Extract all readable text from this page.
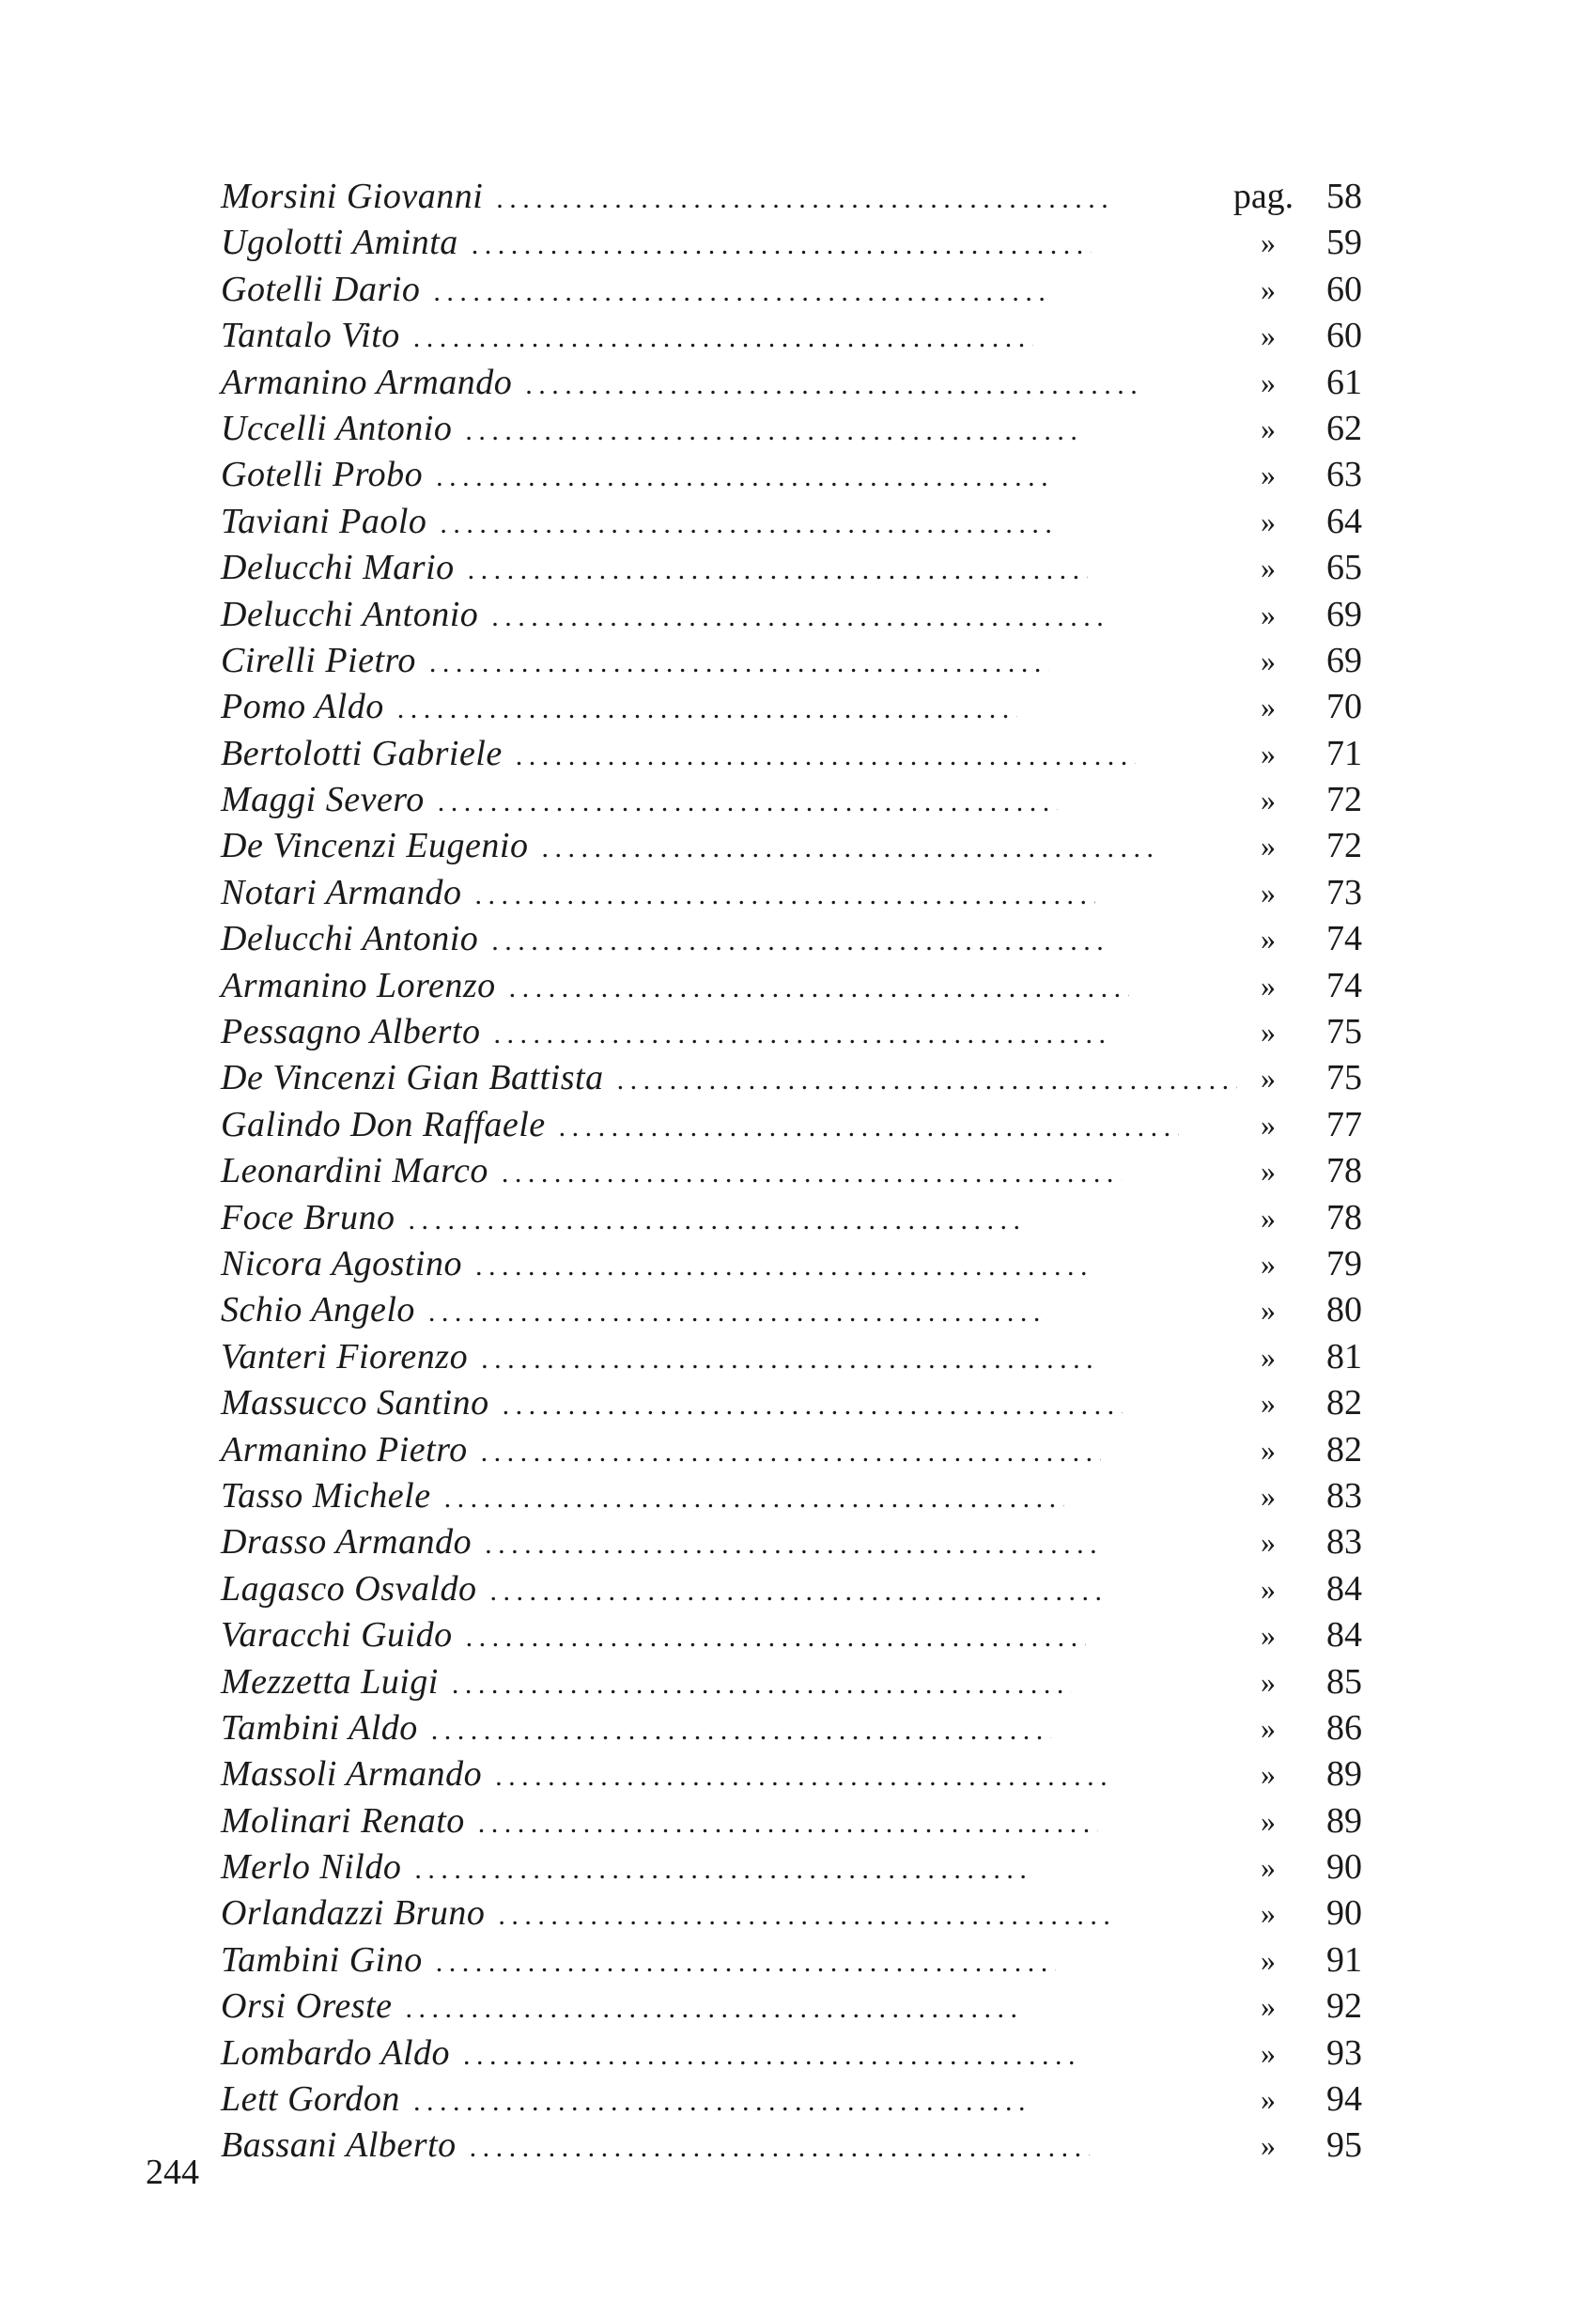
Morsini Giovanni . . .	pag. 58
Ugolotti Aminta . . .	»	59
Gotelli Dario . . .	»	60
Tantalo Vito . . .	»	60
Armanino Armando . . .	»	61
Uccelli Antonio . . .	»	62
Gotelli Probo . . .	»	63
Taviani Paolo . . .	»	64
Delucchi Mario . . .	»	65
Delucchi Antonio . . .	»	69
Cirelli Pietro . . .	»	69
Pomo Aldo . . .	»	70
Bertolotti Gabriele . . .	»	71
Maggi Severo . . .	»	72
De Vincenzi Eugenio . . .	»	72
Notari Armando . . .	»	73
Delucchi Antonio . . .	»	74
Armanino Lorenzo . . .	»	74
Pessagno Alberto . . .	»	75
De Vincenzi Gian Battista . . .	»	75
Galindo Don Raffaele . . .	»	77
Leonardini Marco . . .	»	78
Foce Bruno . . .	»	78
Nicora Agostino . . .	»	79
Schio Angelo . . .	»	80
Vanteri Fiorenzo . . .	»	81
Massucco Santino . . .	»	82
Armanino Pietro . . .	»	82
Tasso Michele . . .	»	83
Drasso Armando . . .	»	83
Lagasco Osvaldo . . .	»	84
Varacchi Guido . . .	»	84
Mezzetta Luigi . . .	»	85
Tambini Aldo . . .	»	86
Massoli Armando . . .	»	89
Molinari Renato . . .	»	89
Merlo Nildo . . .	»	90
Orlandazzi Bruno . . .	»	90
Tambini Gino . . .	»	91
Orsi Oreste . . .	»	92
Lombardo Aldo . . .	»	93
Lett Gordon . . .	»	94
Bassani Alberto . . .	»	95
244
